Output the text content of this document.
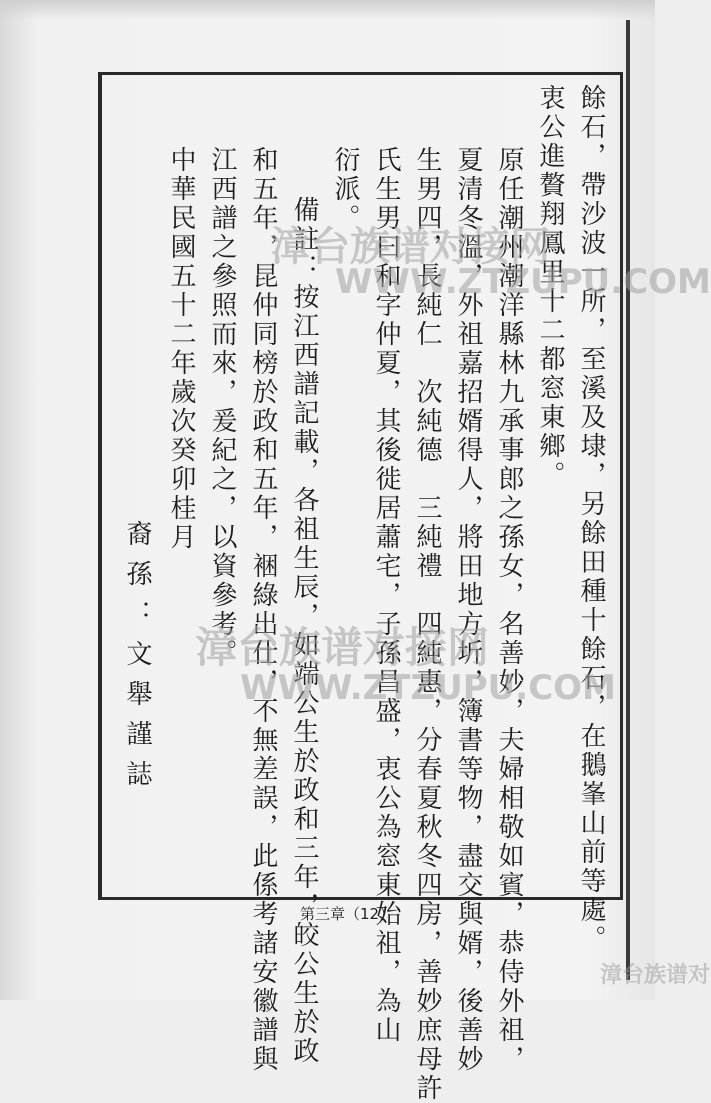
餘石，帶沙波一所，至溪及埭，另餘田種十餘石，在鵝峯山前等處。
衷公進贅翔鳳里十二都窓東鄉。
原任潮州潮洋縣林九承事郎之孫女，名善妙，夫婦相敬如賓，恭侍外祖，
夏清冬溫，外祖嘉招婿得人，將田地方圻，簿書等物，盡交與婿，後善妙
生男四，長純仁　次純德　三純禮　四純惠，分春夏秋冬四房，善妙庶母許
氏生男曰和字仲夏，其後徙居蕭宅，子孫昌盛，衷公為窓東始祖，為山
衍派。
備註：按江西譜記載，各祖生辰，如端公生於政和三年，皎公生於政
和五年，昆仲同榜於政和五年，裍綠出仕，不無差誤，此係考諸安徽譜與
江西譜之參照而來，爰紀之，以資參考。
中華民國五十二年歲次癸卯桂月
裔孫：文舉謹誌
第三章（12）
漳台族谱对接网
WWW.ZTZUPU.COM
漳台族谱对接网
WWW.ZTZUPU.COM
漳台族谱对
